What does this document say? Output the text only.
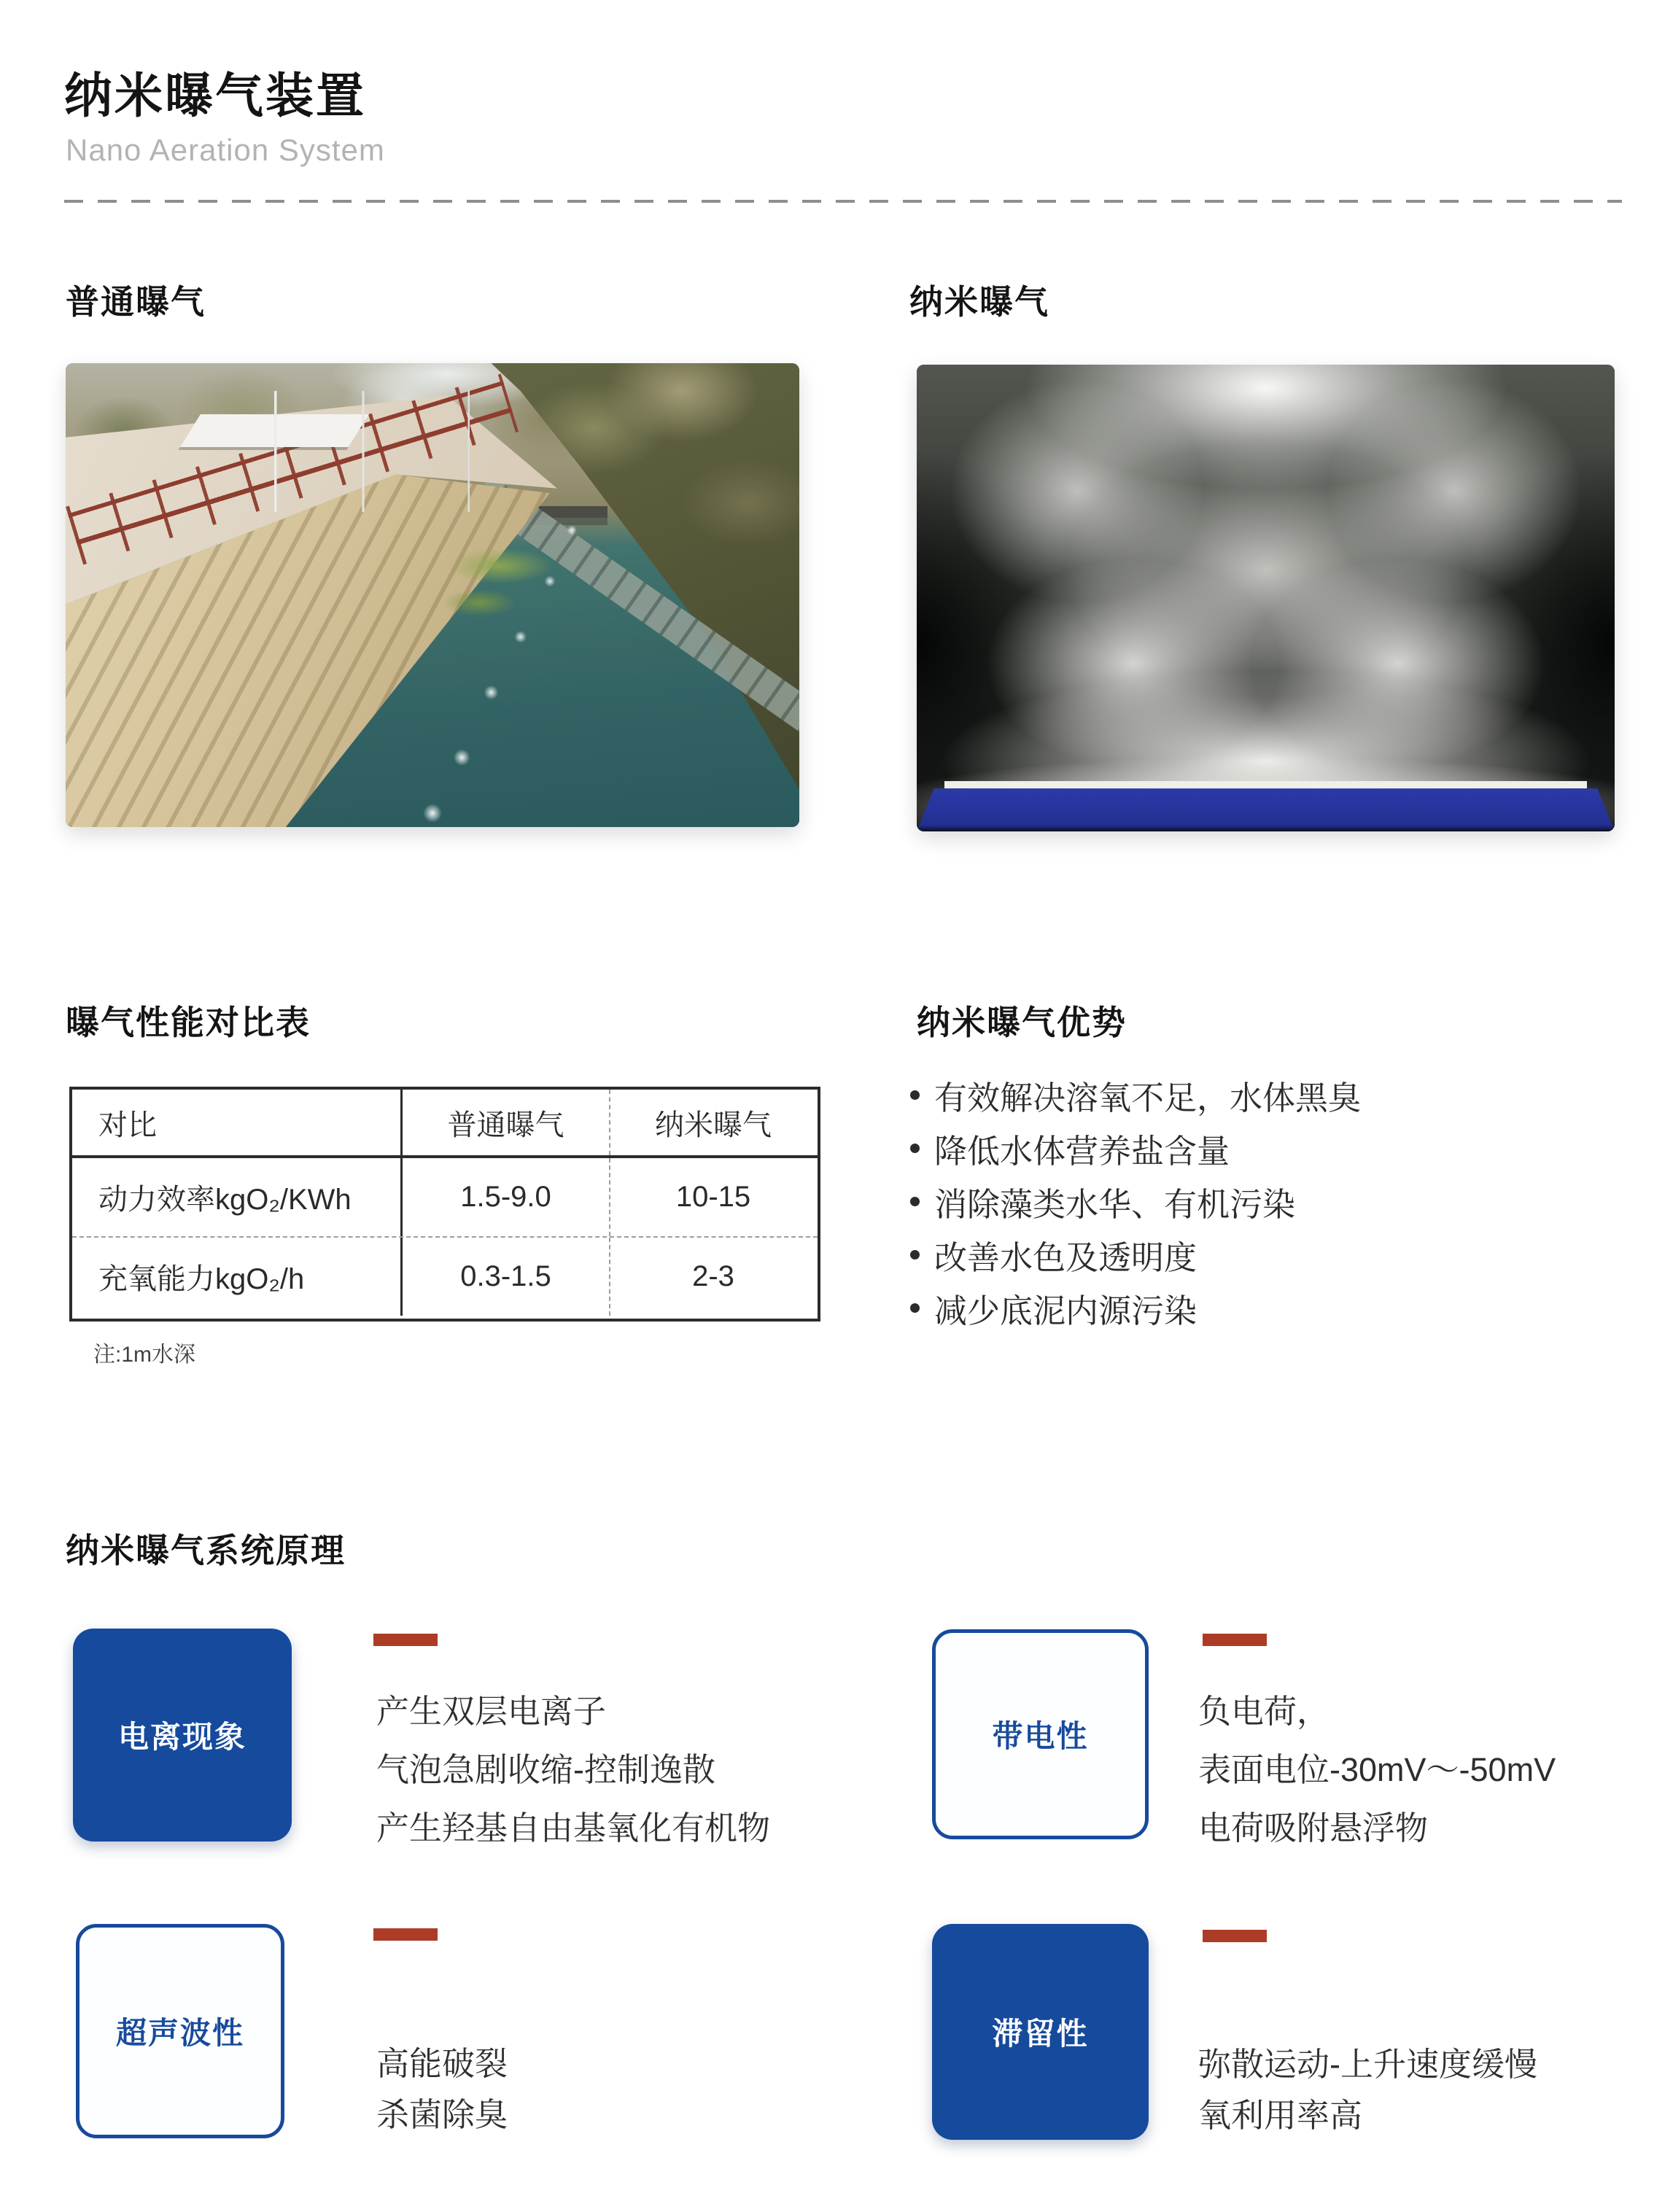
纳米曝气装置
Nano Aeration System
普通曝气	纳米曝气
曝气性能对比表	纳米曝气优势
对比	普通曝气	纳米曝气
动力效率kgO₂/KWh	1.5-9.0	10-15
充氧能力kgO₂/h	0.3-1.5	2-3
注:1m水深
有效解决溶氧不足，水体黑臭
降低水体营养盐含量
消除藻类水华、有机污染
改善水色及透明度
减少底泥内源污染
纳米曝气系统原理
电离现象
产生双层电离子
气泡急剧收缩-控制逸散
产生羟基自由基氧化有机物
带电性
负电荷，
表面电位-30mV～-50mV
电荷吸附悬浮物
超声波性
高能破裂
杀菌除臭
滞留性
弥散运动-上升速度缓慢
氧利用率高
